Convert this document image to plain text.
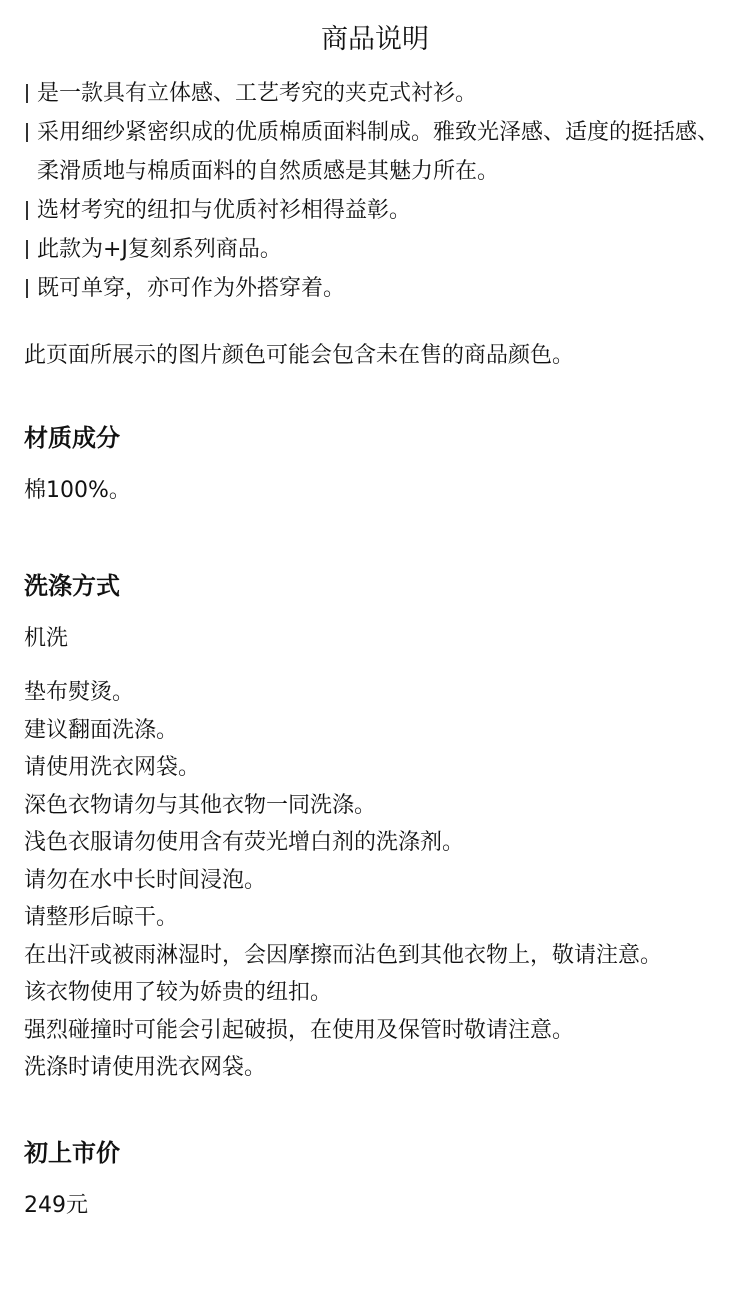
商品说明
是一款具有立体感、工艺考究的夹克式衬衫。
采用细纱紧密织成的优质棉质面料制成。雅致光泽感、适度的挺括感、柔滑质地与棉质面料的自然质感是其魅力所在。
选材考究的纽扣与优质衬衫相得益彰。
此款为+J复刻系列商品。
既可单穿，亦可作为外搭穿着。

此页面所展示的图片颜色可能会包含未在售的商品颜色。

材质成分

棉100%。

洗涤方式

机洗

垫布熨烫。
建议翻面洗涤。
请使用洗衣网袋。
深色衣物请勿与其他衣物一同洗涤。
浅色衣服请勿使用含有荧光增白剂的洗涤剂。
请勿在水中长时间浸泡。
请整形后晾干。
在出汗或被雨淋湿时，会因摩擦而沾色到其他衣物上，敬请注意。
该衣物使用了较为娇贵的纽扣。
强烈碰撞时可能会引起破损，在使用及保管时敬请注意。
洗涤时请使用洗衣网袋。
初上市价

249元
